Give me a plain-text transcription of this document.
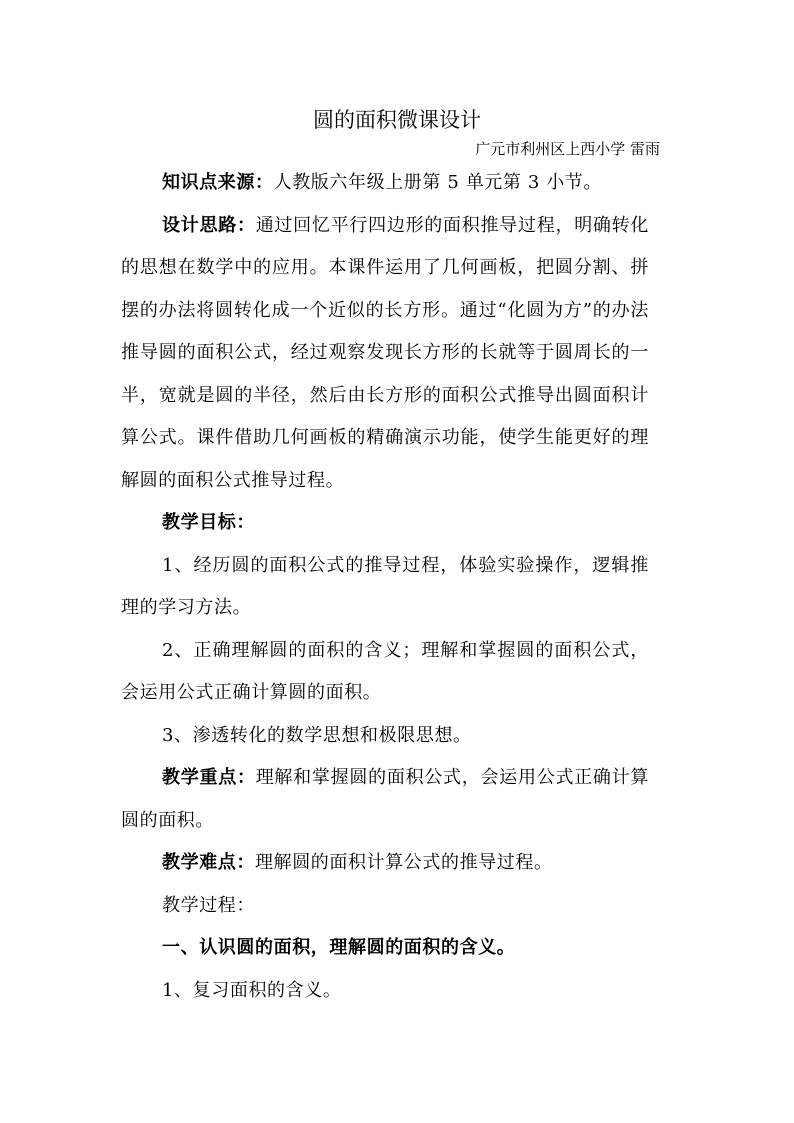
圆的面积微课设计
广元市利州区上西小学 雷雨

知识点来源：人教版六年级上册第 5 单元第 3 小节。

设计思路：通过回忆平行四边形的面积推导过程，明确转化的思想在数学中的应用。本课件运用了几何画板，把圆分割、拼摆的办法将圆转化成一个近似的长方形。通过“化圆为方”的办法推导圆的面积公式，经过观察发现长方形的长就等于圆周长的一半，宽就是圆的半径，然后由长方形的面积公式推导出圆面积计算公式。课件借助几何画板的精确演示功能，使学生能更好的理解圆的面积公式推导过程。

教学目标：

1、经历圆的面积公式的推导过程，体验实验操作，逻辑推理的学习方法。

2、正确理解圆的面积的含义；理解和掌握圆的面积公式，会运用公式正确计算圆的面积。

3、渗透转化的数学思想和极限思想。

教学重点：理解和掌握圆的面积公式，会运用公式正确计算圆的面积。

教学难点：理解圆的面积计算公式的推导过程。

教学过程：

一、认识圆的面积，理解圆的面积的含义。

1、复习面积的含义。
